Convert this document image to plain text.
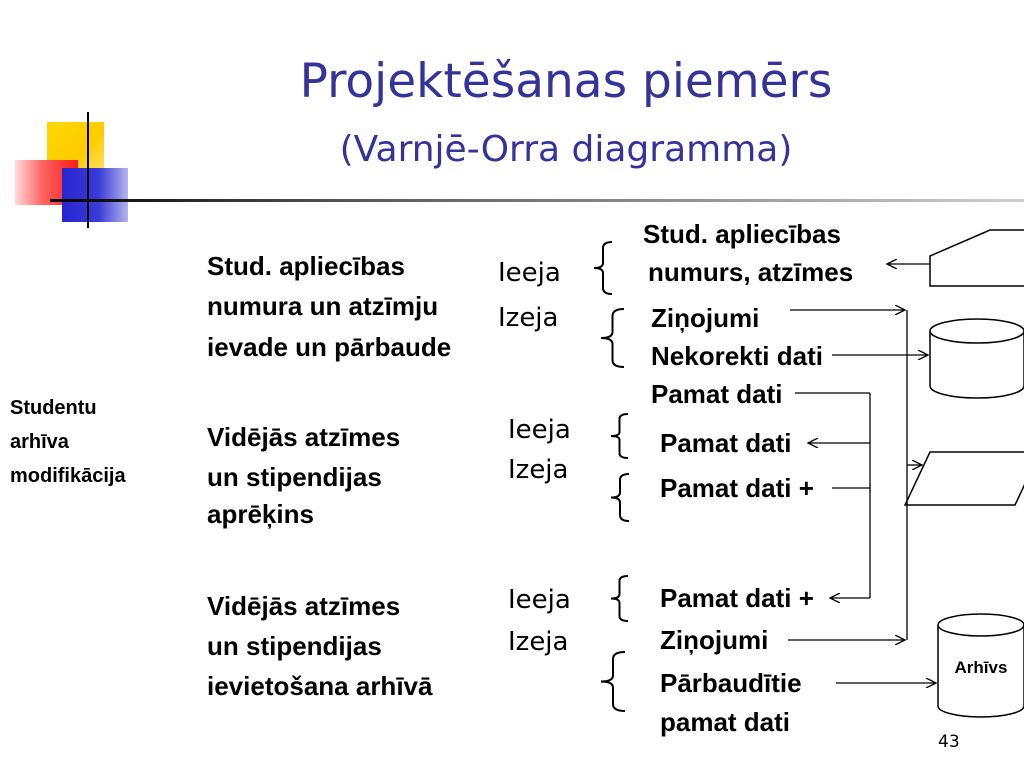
Projektēšanas piemērs
(Varnjē-Orra diagramma)
Studentu
arhīva
modifikācija
Stud. apliecības
numura un atzīmju
ievade un pārbaude
Ieeja
Izeja
Stud. apliecības
numurs, atzīmes
Ziņojumi
Nekorekti dati
Pamat dati
Vidējās atzīmes
un stipendijas
aprēķins
Ieeja
Izeja
Pamat dati
Pamat dati +
Vidējās atzīmes
un stipendijas
ievietošana arhīvā
Ieeja
Izeja
Pamat dati +
Ziņojumi
Pārbaudītie
pamat dati
Arhīvs
43
